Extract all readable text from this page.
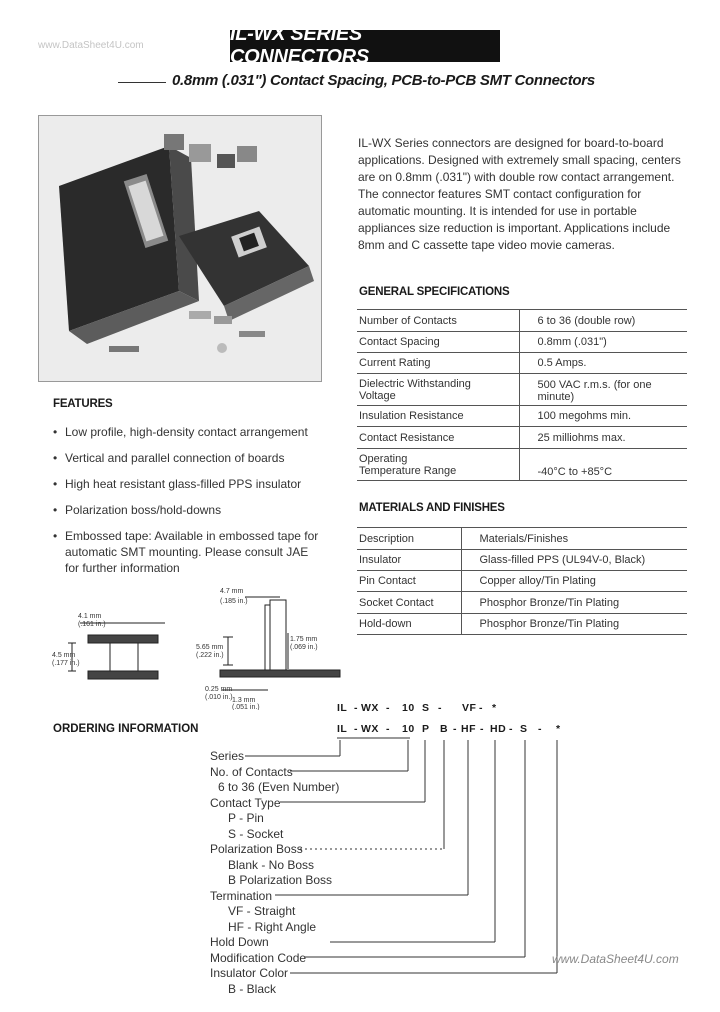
www.DataSheet4U.com
IL-WX SERIES CONNECTORS
0.8mm (.031") Contact Spacing, PCB-to-PCB SMT Connectors
IL-WX Series connectors are designed for board-to-board applications. Designed with extremely small spacing, centers are on 0.8mm (.031") with double row contact arrangement. The connector features SMT contact configuration for automatic mounting. It is intended for use in portable appliances size reduction is important. Applications include 8mm and C cassette tape video movie cameras.
GENERAL SPECIFICATIONS
Number of Contacts	6 to 36 (double row)
Contact Spacing	0.8mm (.031")
Current Rating	0.5 Amps.
Dielectric Withstanding Voltage	500 VAC r.m.s. (for one minute)
Insulation Resistance	100 megohms min.
Contact Resistance	25 milliohms max.
Operating Temperature Range	-40°C to +85°C
MATERIALS AND FINISHES
Description	Materials/Finishes
Insulator	Glass-filled PPS (UL94V-0, Black)
Pin Contact	Copper alloy/Tin Plating
Socket Contact	Phosphor Bronze/Tin Plating
Hold-down	Phosphor Bronze/Tin Plating
FEATURES
• Low profile, high-density contact arrangement
• Vertical and parallel connection of boards
• High heat resistant glass-filled PPS insulator
• Polarization boss/hold-downs
• Embossed tape: Available in embossed tape for automatic SMT mounting. Please consult JAE for further information
4.1 mm
(.161 in.)
4.5 mm
(.177 in.)
4.7 mm
(.185 in.)
1.75 mm
(.069 in.)
5.65 mm
(.222 in.)
0.25 mm
(.010 in.) 1.3 mm
(.051 in.)
ORDERING INFORMATION
IL - WX - 10 S - VF - *
IL - WX - 10 P B - HF - HD - S - *
Series
No. of Contacts
6 to 36 (Even Number)
Contact Type
P - Pin
S - Socket
Polarization Boss
Blank - No Boss
B Polarization Boss
Termination
VF - Straight
HF - Right Angle
Hold Down
Modification Code
Insulator Color
B - Black
www.DataSheet4U.com
